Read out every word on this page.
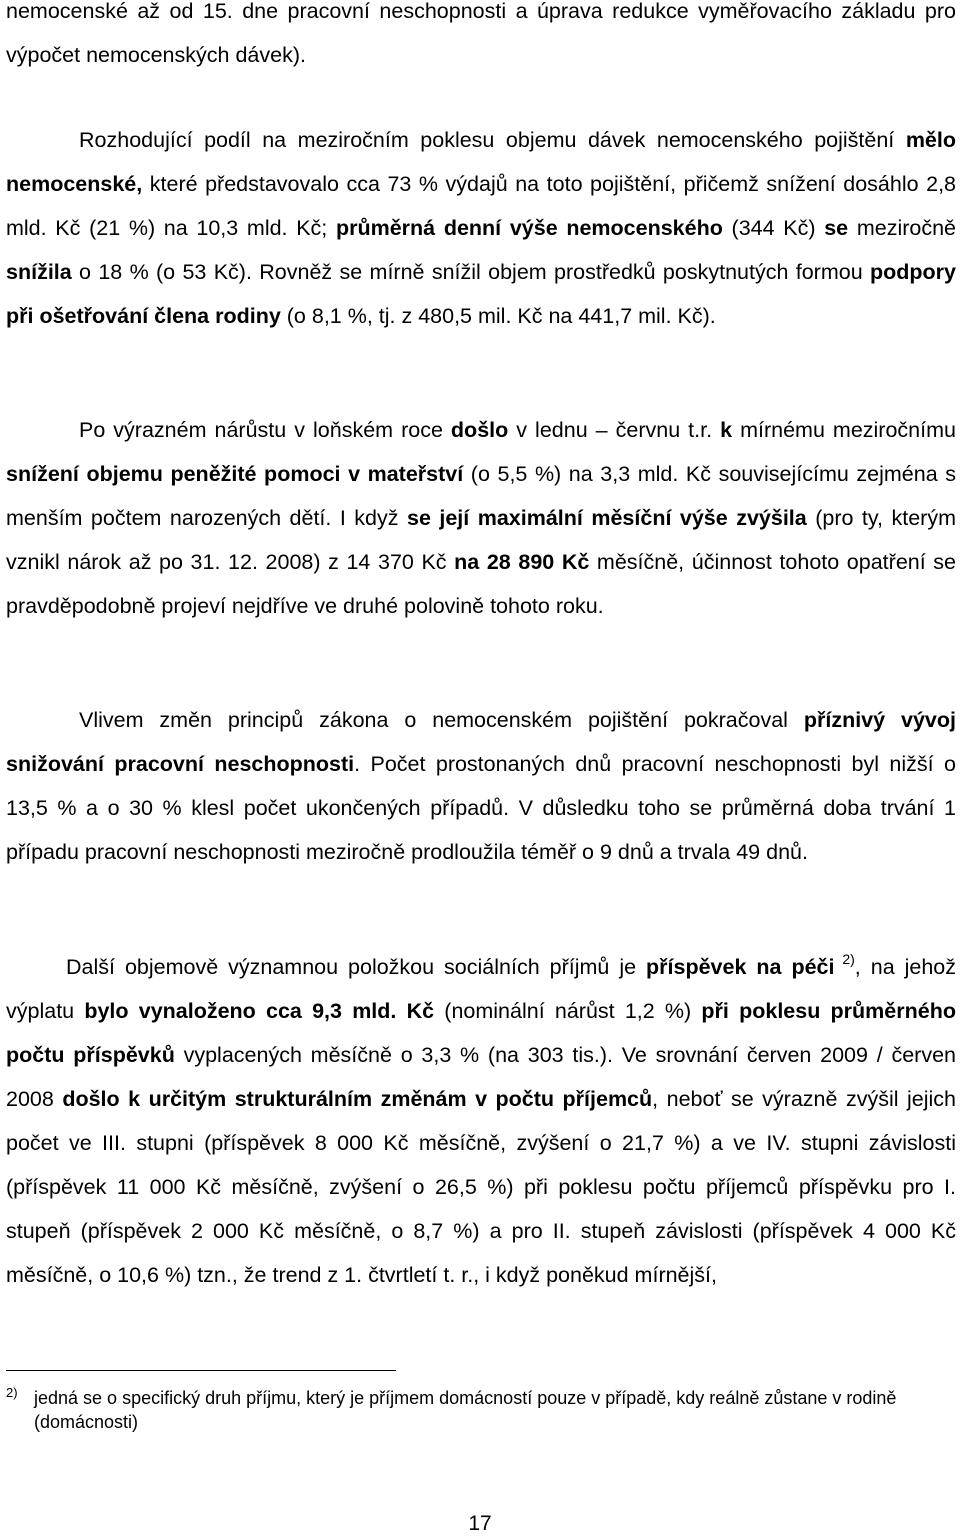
nemocenské až od 15. dne pracovní neschopnosti a úprava redukce vyměřovacího základu pro výpočet nemocenských dávek).
Rozhodující podíl na meziročním poklesu objemu dávek nemocenského pojištění mělo nemocenské, které představovalo cca 73 % výdajů na toto pojištění, přičemž snížení dosáhlo 2,8 mld. Kč (21 %) na 10,3 mld. Kč; průměrná denní výše nemocenského (344 Kč) se meziročně snížila o 18 % (o 53 Kč). Rovněž se mírně snížil objem prostředků poskytnutých formou podpory při ošetřování člena rodiny (o 8,1 %, tj. z 480,5 mil. Kč na 441,7 mil. Kč).
Po výrazném nárůstu v loňském roce došlo v lednu – červnu t.r. k mírnému meziročnímu snížení objemu peněžité pomoci v mateřství (o 5,5 %) na 3,3 mld. Kč souvisejícímu zejména s menším počtem narozených dětí. I když se její maximální měsíční výše zvýšila (pro ty, kterým vznikl nárok až po 31. 12. 2008) z 14 370 Kč na 28 890 Kč měsíčně, účinnost tohoto opatření se pravděpodobně projeví nejdříve ve druhé polovině tohoto roku.
Vlivem změn principů zákona o nemocenském pojištění pokračoval příznivý vývoj snižování pracovní neschopnosti. Počet prostonaných dnů pracovní neschopnosti byl nižší o 13,5 % a o 30 % klesl počet ukončených případů. V důsledku toho se průměrná doba trvání 1 případu pracovní neschopnosti meziročně prodloužila téměř o 9 dnů a trvala 49 dnů.
Další objemově významnou položkou sociálních příjmů je příspěvek na péči $^{2)}$, na jehož výplatu bylo vynaloženo cca 9,3 mld. Kč (nominální nárůst 1,2 %) při poklesu průměrného počtu příspěvků vyplacených měsíčně o 3,3 % (na 303 tis.). Ve srovnání červen 2009 / červen 2008 došlo k určitým strukturálním změnám v počtu příjemců, neboť se výrazně zvýšil jejich počet ve III. stupni (příspěvek 8 000 Kč měsíčně, zvýšení o 21,7 %) a ve IV. stupni závislosti (příspěvek 11 000 Kč měsíčně, zvýšení o 26,5 %) při poklesu počtu příjemců příspěvku pro I. stupeň (příspěvek 2 000 Kč měsíčně, o 8,7 %) a pro II. stupeň závislosti (příspěvek 4 000 Kč měsíčně, o 10,6 %) tzn., že trend z 1. čtvrtletí t. r., i když poněkud mírnější,
$^{2)}$ jedná se o specifický druh příjmu, který je příjmem domácností pouze v případě, kdy reálně zůstane v rodině (domácnosti)
17
